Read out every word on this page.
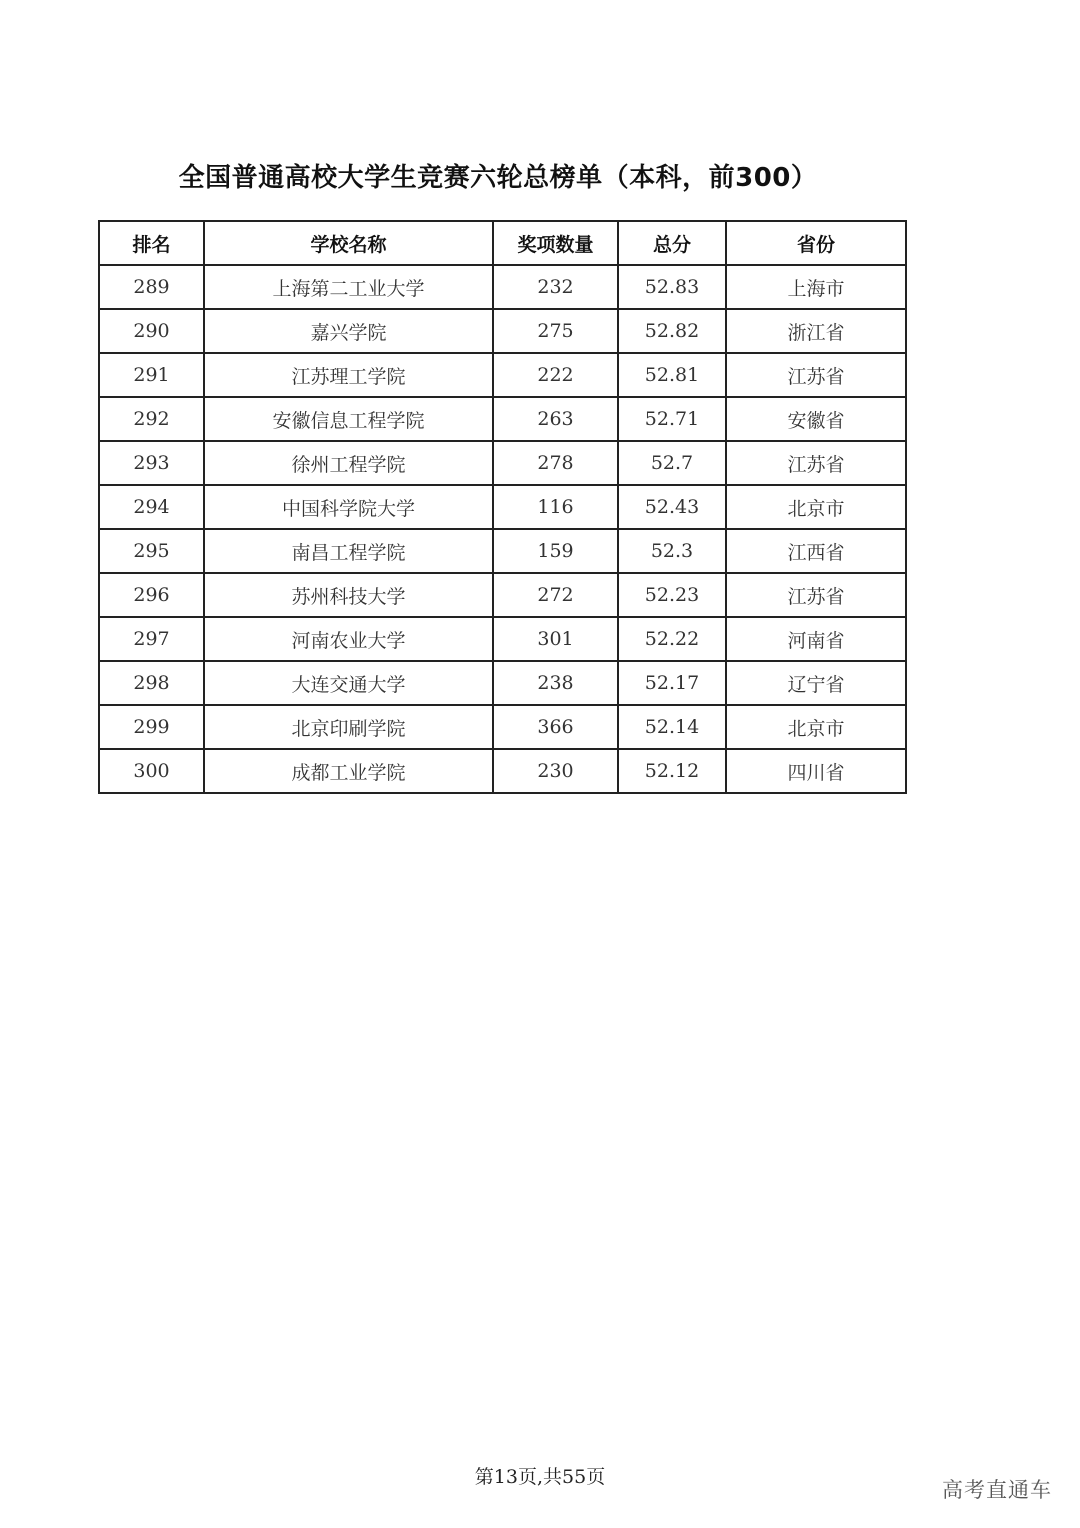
全国普通高校大学生竞赛六轮总榜单（本科，前300）
排名	学校名称	奖项数量	总分	省份
289	上海第二工业大学	232	52.83	上海市
290	嘉兴学院	275	52.82	浙江省
291	江苏理工学院	222	52.81	江苏省
292	安徽信息工程学院	263	52.71	安徽省
293	徐州工程学院	278	52.7	江苏省
294	中国科学院大学	116	52.43	北京市
295	南昌工程学院	159	52.3	江西省
296	苏州科技大学	272	52.23	江苏省
297	河南农业大学	301	52.22	河南省
298	大连交通大学	238	52.17	辽宁省
299	北京印刷学院	366	52.14	北京市
300	成都工业学院	230	52.12	四川省
第13页,共55页
高考直通车
